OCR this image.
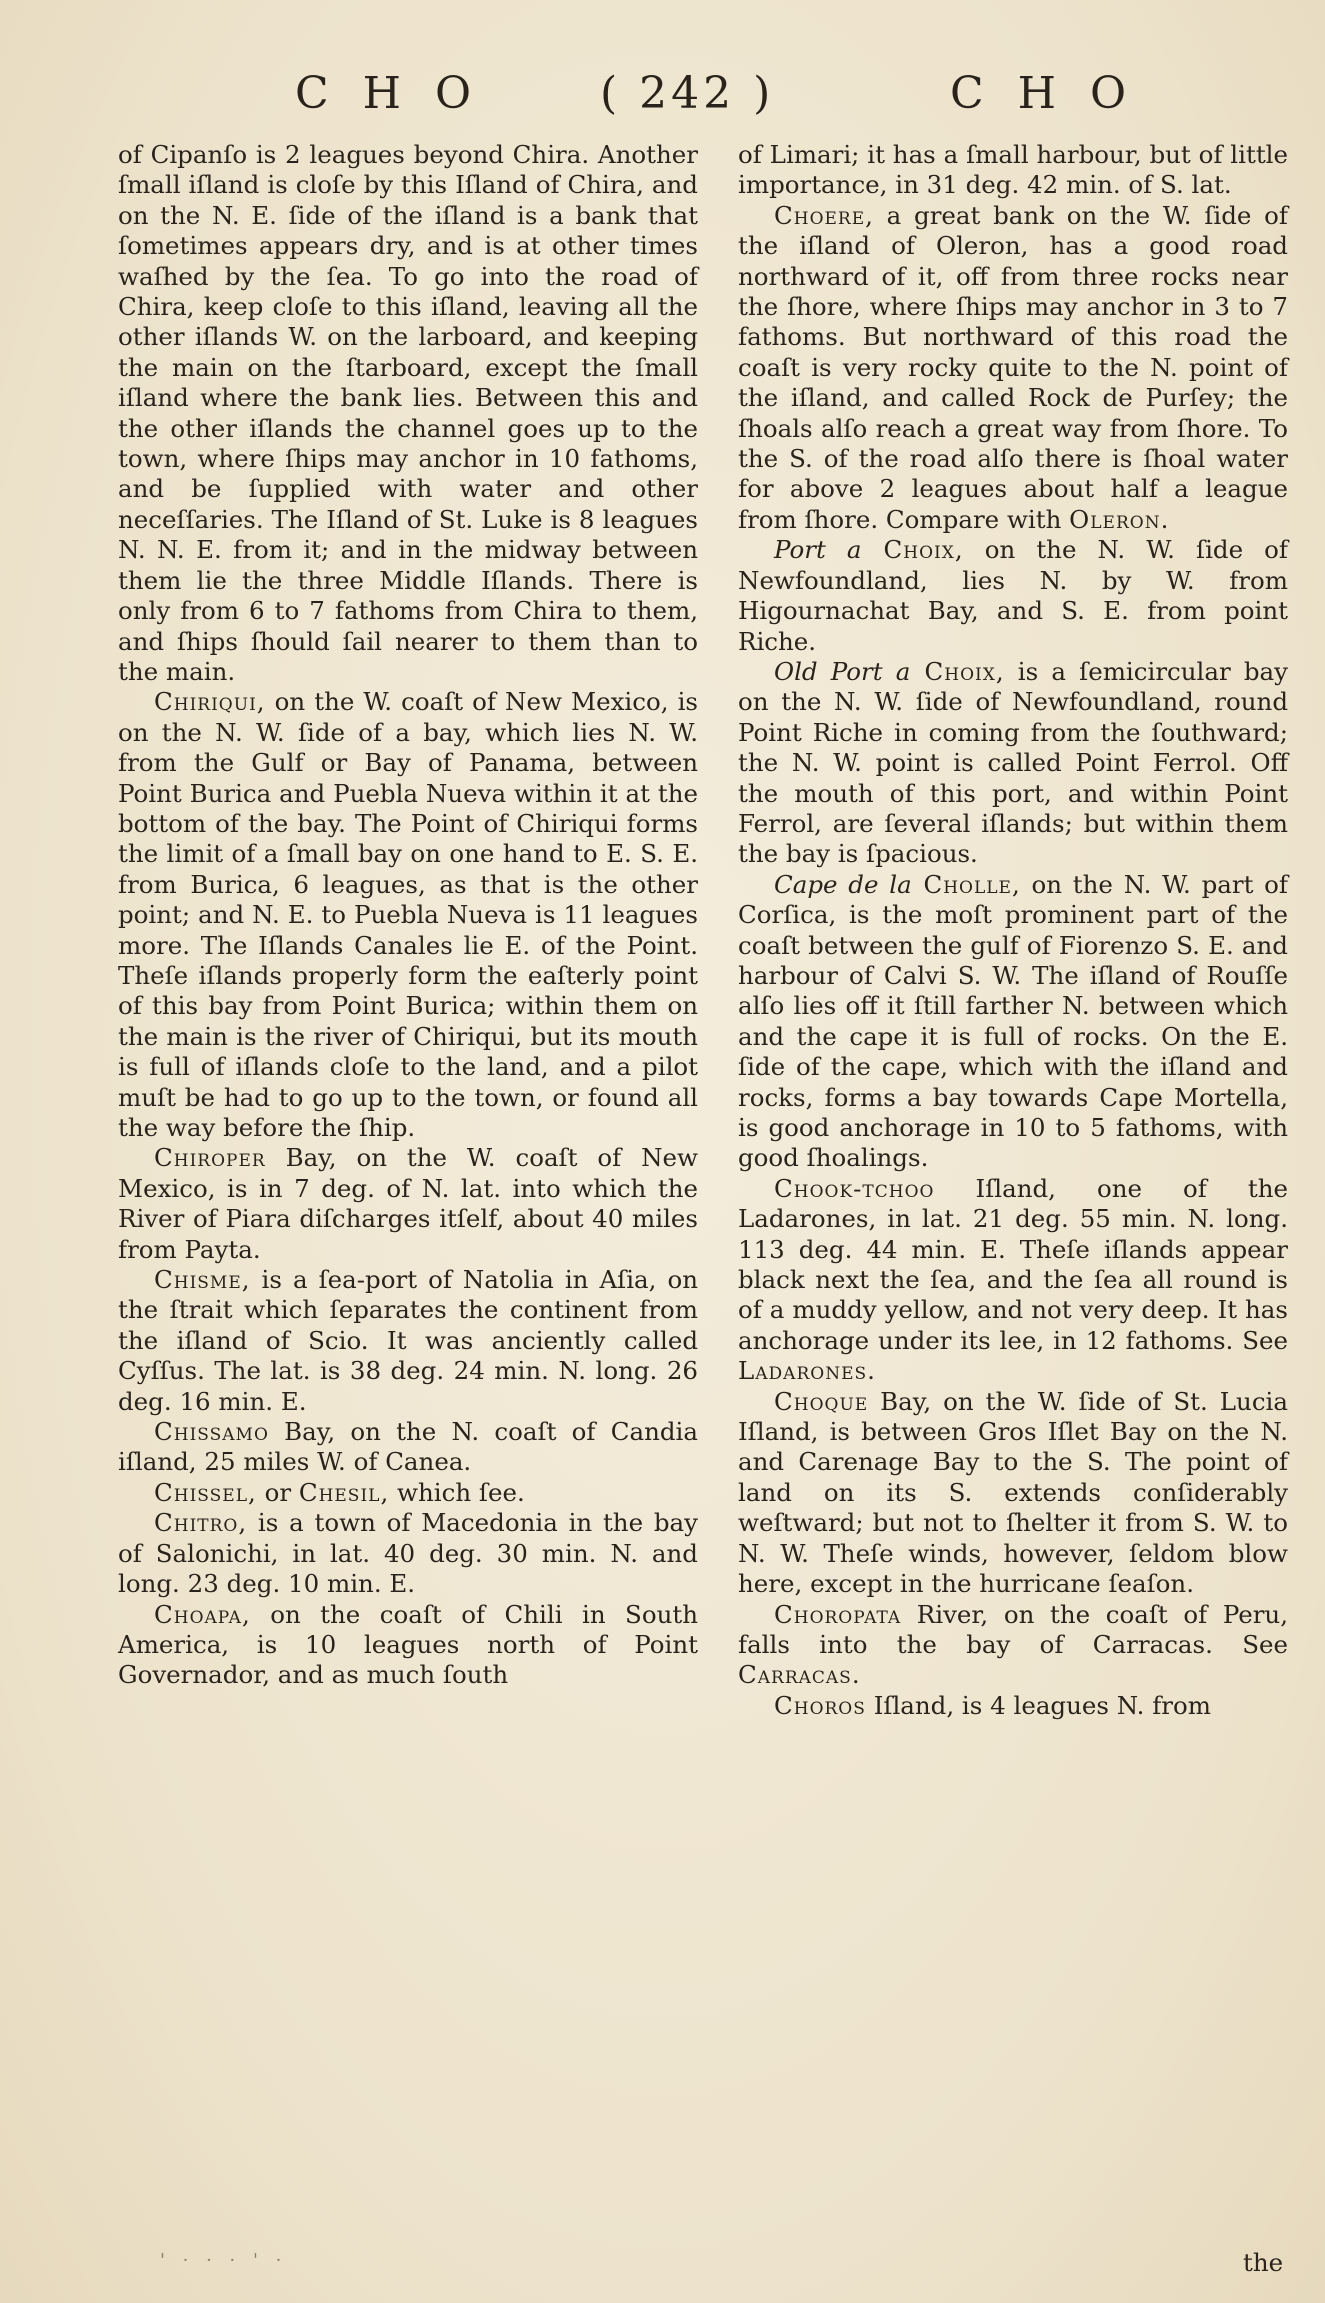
C H O	( 242 )	C H O

of Cipanſo is 2 leagues beyond Chira. Another ſmall iſland is cloſe by this Iſland of Chira, and on the N. E. ſide of the iſland is a bank that ſometimes appears dry, and is at other times waſhed by the ſea. To go into the road of Chira, keep cloſe to this iſland, leaving all the other iſlands W. on the larboard, and keeping the main on the ſtarboard, except the ſmall iſland where the bank lies. Between this and the other iſlands the channel goes up to the town, where ſhips may anchor in 10 fathoms, and be ſupplied with water and other neceſſaries. The Iſland of St. Luke is 8 leagues N. N. E. from it; and in the midway between them lie the three Middle Iſlands. There is only from 6 to 7 fathoms from Chira to them, and ſhips ſhould ſail nearer to them than to the main.

Chiriqui, on the W. coaſt of New Mexico, is on the N. W. ſide of a bay, which lies N. W. from the Gulf or Bay of Panama, between Point Burica and Puebla Nueva within it at the bottom of the bay. The Point of Chiriqui forms the limit of a ſmall bay on one hand to E. S. E. from Burica, 6 leagues, as that is the other point; and N. E. to Puebla Nueva is 11 leagues more. The Iſlands Canales lie E. of the Point. Theſe iſlands properly form the eaſterly point of this bay from Point Burica; within them on the main is the river of Chiriqui, but its mouth is full of iſlands cloſe to the land, and a pilot muſt be had to go up to the town, or found all the way before the ſhip.

Chiroper Bay, on the W. coaſt of New Mexico, is in 7 deg. of N. lat. into which the River of Piara diſcharges itſelf, about 40 miles from Payta.

Chisme, is a ſea-port of Natolia in Aſia, on the ſtrait which ſeparates the continent from the iſland of Scio. It was anciently called Cyſſus. The lat. is 38 deg. 24 min. N. long. 26 deg. 16 min. E.

Chissamo Bay, on the N. coaſt of Candia iſland, 25 miles W. of Canea.

Chissel, or Chesil, which ſee.

Chitro, is a town of Macedonia in the bay of Salonichi, in lat. 40 deg. 30 min. N. and long. 23 deg. 10 min. E.

Choapa, on the coaſt of Chili in South America, is 10 leagues north of Point Governador, and as much ſouth

of Limari; it has a ſmall harbour, but of little importance, in 31 deg. 42 min. of S. lat.

Choere, a great bank on the W. ſide of the iſland of Oleron, has a good road northward of it, off from three rocks near the ſhore, where ſhips may anchor in 3 to 7 fathoms. But northward of this road the coaſt is very rocky quite to the N. point of the iſland, and called Rock de Purſey; the ſhoals alſo reach a great way from ſhore. To the S. of the road alſo there is ſhoal water for above 2 leagues about half a league from ſhore. Compare with Oleron.

Port a Choix, on the N. W. ſide of Newfoundland, lies N. by W. from Higournachat Bay, and S. E. from point Riche.

Old Port a Choix, is a ſemicircular bay on the N. W. ſide of Newfoundland, round Point Riche in coming from the ſouthward; the N. W. point is called Point Ferrol. Off the mouth of this port, and within Point Ferrol, are ſeveral iſlands; but within them the bay is ſpacious.

Cape de la Cholle, on the N. W. part of Corſica, is the moſt prominent part of the coaſt between the gulf of Fiorenzo S. E. and harbour of Calvi S. W. The iſland of Rouſſe alſo lies off it ſtill farther N. between which and the cape it is full of rocks. On the E. ſide of the cape, which with the iſland and rocks, forms a bay towards Cape Mortella, is good anchorage in 10 to 5 fathoms, with good ſhoalings.

Chook-tchoo Iſland, one of the Ladarones, in lat. 21 deg. 55 min. N. long. 113 deg. 44 min. E. Theſe iſlands appear black next the ſea, and the ſea all round is of a muddy yellow, and not very deep. It has anchorage under its lee, in 12 fathoms. See Ladarones.

Choque Bay, on the W. ſide of St. Lucia Iſland, is between Gros Iſlet Bay on the N. and Carenage Bay to the S. The point of land on its S. extends conſiderably weſtward; but not to ſhelter it from S. W. to N. W. Theſe winds, however, ſeldom blow here, except in the hurricane ſeaſon.

Choropata River, on the coaſt of Peru, falls into the bay of Carracas. See Carracas.

Choros Iſland, is 4 leagues N. from

the
' · · · ' ·
